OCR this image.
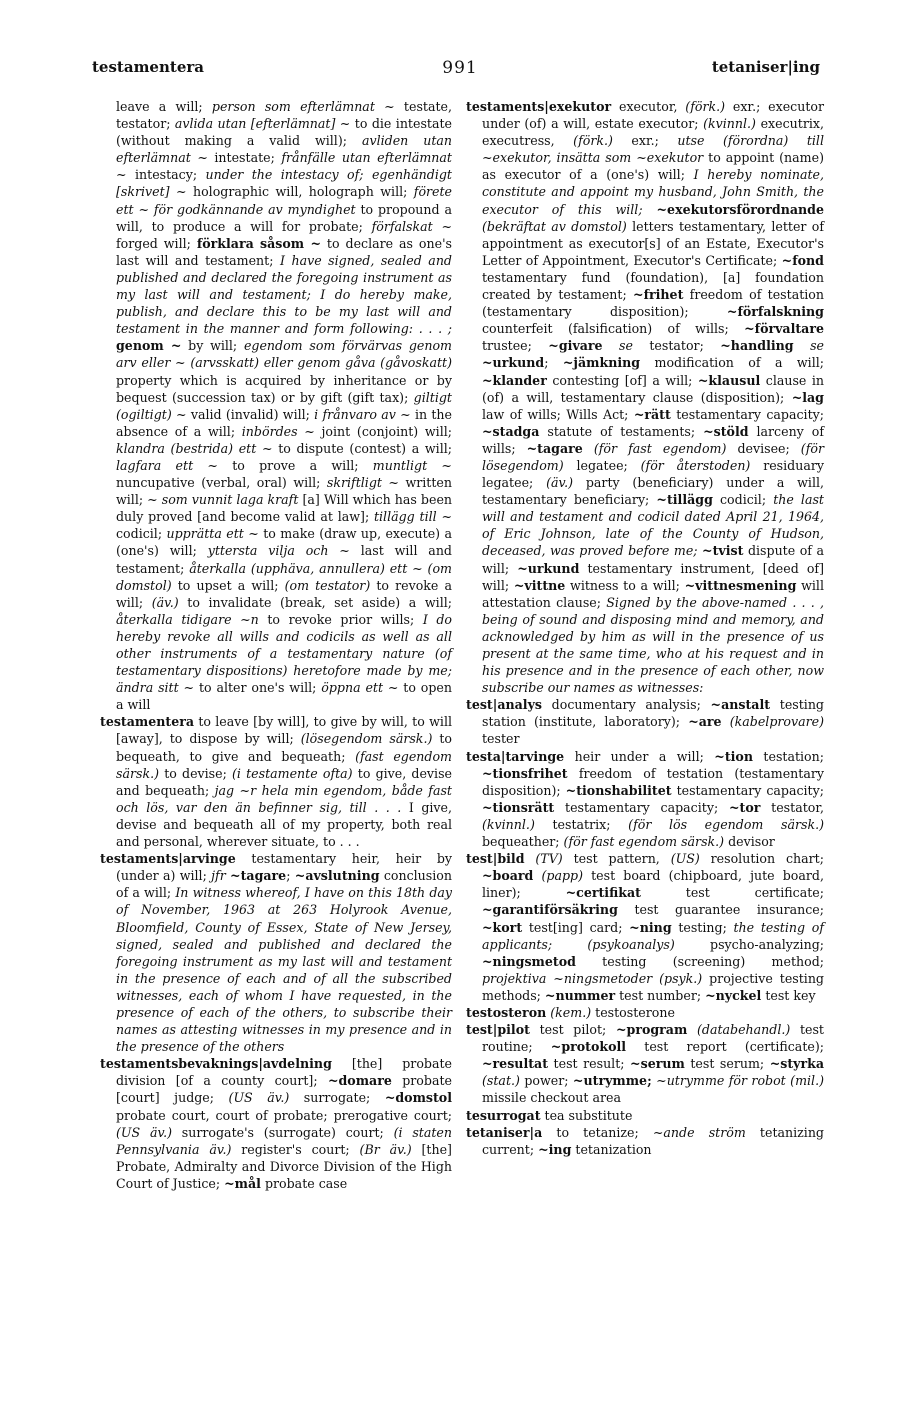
testamentera	991	tetaniser|ing

leave a will; person som efterlämnat ~ testate, testator; avlida utan [efterlämnat] ~ to die intestate (without making a valid will); avliden utan efterlämnat ~ intestate; frånfälle utan efterlämnat ~ intestacy; under the intestacy of; egenhändigt [skrivet] ~ holographic will, holograph will; förete ett ~ för godkännande av myndighet to propound a will, to produce a will for probate; förfalskat ~ forged will; förklara såsom ~ to declare as one's last will and testament; I have signed, sealed and published and declared the foregoing instrument as my last will and testament; I do hereby make, publish, and declare this to be my last will and testament in the manner and form following: . . . ; genom ~ by will; egendom som förvärvas genom arv eller ~ (arvsskatt) eller genom gåva (gåvoskatt) property which is acquired by inheritance or by bequest (succession tax) or by gift (gift tax); giltigt (ogiltigt) ~ valid (invalid) will; i frånvaro av ~ in the absence of a will; inbördes ~ joint (conjoint) will; klandra (bestrida) ett ~ to dispute (contest) a will; lagfara ett ~ to prove a will; muntligt ~ nuncupative (verbal, oral) will; skriftligt ~ written will; ~ som vunnit laga kraft [a] Will which has been duly proved [and become valid at law]; tillägg till ~ codicil; upprätta ett ~ to make (draw up, execute) a (one's) will; yttersta vilja och ~ last will and testament; återkalla (upphäva, annullera) ett ~ (om domstol) to upset a will; (om testator) to revoke a will; (äv.) to invalidate (break, set aside) a will; återkalla tidigare ~n to revoke prior wills; I do hereby revoke all wills and codicils as well as all other instruments of a testamentary nature (of testamentary dispositions) heretofore made by me; ändra sitt ~ to alter one's will; öppna ett ~ to open a will

testamentera to leave [by will], to give by will, to will [away], to dispose by will; (lösegendom särsk.) to bequeath, to give and bequeath; (fast egendom särsk.) to devise; (i testamente ofta) to give, devise and bequeath; jag ~r hela min egendom, både fast och lös, var den än befinner sig, till . . . I give, devise and bequeath all of my property, both real and personal, wherever situate, to . . .

testaments|arvinge testamentary heir, heir by (under a) will; jfr ~tagare; ~avslutning conclusion of a will; In witness whereof, I have on this 18th day of November, 1963 at 263 Holyrook Avenue, Bloomfield, County of Essex, State of New Jersey, signed, sealed and published and declared the foregoing instrument as my last will and testament in the presence of each and of all the subscribed witnesses, each of whom I have requested, in the presence of each of the others, to subscribe their names as attesting witnesses in my presence and in the presence of the others

testamentsbevaknings|avdelning [the] probate division [of a county court]; ~domare probate [court] judge; (US äv.) surrogate; ~domstol probate court, court of probate; prerogative court; (US äv.) surrogate's (surrogate) court; (i staten Pennsylvania äv.) register's court; (Br äv.) [the] Probate, Admiralty and Divorce Division of the High Court of Justice; ~mål probate case

testaments|exekutor executor, (förk.) exr.; executor under (of) a will, estate executor; (kvinnl.) executrix, executress, (förk.) exr.; utse (förordna) till ~exekutor, insätta som ~exekutor to appoint (name) as executor of a (one's) will; I hereby nominate, constitute and appoint my husband, John Smith, the executor of this will; ~exekutorsförordnande (bekräftat av domstol) letters testamentary, letter of appointment as executor[s] of an Estate, Executor's Letter of Appointment, Executor's Certificate; ~fond testamentary fund (foundation), [a] foundation created by testament; ~frihet freedom of testation (testamentary disposition); ~förfalskning counterfeit (falsification) of wills; ~förvaltare trustee; ~givare se testator; ~handling se ~urkund; ~jämkning modification of a will; ~klander contesting [of] a will; ~klausul clause in (of) a will, testamentary clause (disposition); ~lag law of wills; Wills Act; ~rätt testamentary capacity; ~stadga statute of testaments; ~stöld larceny of wills; ~tagare (för fast egendom) devisee; (för lösegendom) legatee; (för återstoden) residuary legatee; (äv.) party (beneficiary) under a will, testamentary beneficiary; ~tillägg codicil; the last will and testament and codicil dated April 21, 1964, of Eric Johnson, late of the County of Hudson, deceased, was proved before me; ~tvist dispute of a will; ~urkund testamentary instrument, [deed of] will; ~vittne witness to a will; ~vittnesmening will attestation clause; Signed by the above-named . . . , being of sound and disposing mind and memory, and acknowledged by him as will in the presence of us present at the same time, who at his request and in his presence and in the presence of each other, now subscribe our names as witnesses:

test|analys documentary analysis; ~anstalt testing station (institute, laboratory); ~are (kabelprovare) tester

testa|tarvinge heir under a will; ~tion testation; ~tionsfrihet freedom of testation (testamentary disposition); ~tionshabilitet testamentary capacity; ~tionsrätt testamentary capacity; ~tor testator, (kvinnl.) testatrix; (för lös egendom särsk.) bequeather; (för fast egendom särsk.) devisor

test|bild (TV) test pattern, (US) resolution chart; ~board (papp) test board (chipboard, jute board, liner); ~certifikat test certificate; ~garantiförsäkring test guarantee insurance; ~kort test[ing] card; ~ning testing; the testing of applicants; (psykoanalys) psycho-analyzing; ~ningsmetod testing (screening) method; projektiva ~ningsmetoder (psyk.) projective testing methods; ~nummer test number; ~nyckel test key

testosteron (kem.) testosterone

test|pilot test pilot; ~program (databehandl.) test routine; ~protokoll test report (certificate); ~resultat test result; ~serum test serum; ~styrka (stat.) power; ~utrymme; ~utrymme för robot (mil.) missile checkout area

tesurrogat tea substitute

tetaniser|a to tetanize; ~ande ström tetanizing current; ~ing tetanization
